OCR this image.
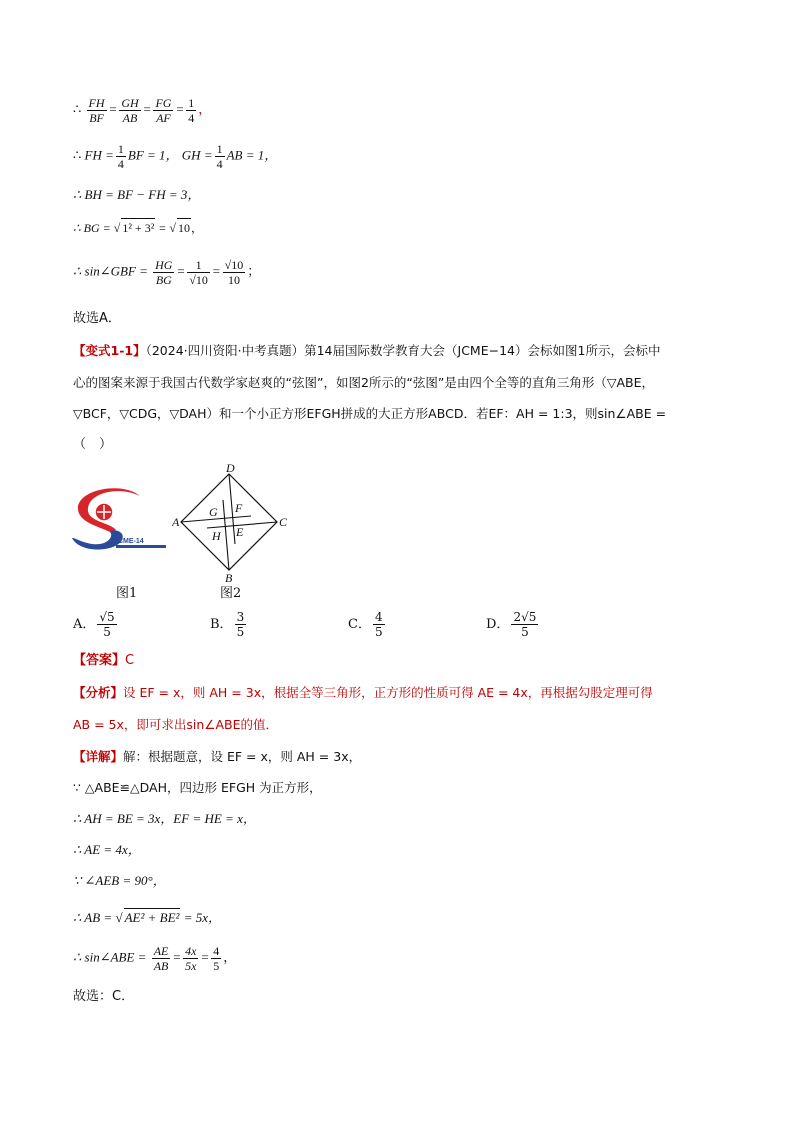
∴ $\frac{FH}{BF} = \frac{GH}{AB} = \frac{FG}{AF} = \frac{1}{4}$ ，
∴ FH = $\frac{1}{4}$ BF = 1， GH = $\frac{1}{4}$ AB = 1，
∴ BH = BF − FH = 3，
∴ BG = √ 1² + 3² = √ 10，
∴ sin∠GBF = $\frac{HG}{BG} = \frac{1}{√10} = \frac{√10}{10}$ ；
故选A．
【变式1-1】（2024·四川资阳·中考真题）第14届国际数学教育大会（JCME−14）会标如图1所示，会标中
心的图案来源于我国古代数学家赵爽的“弦图”，如图2所示的“弦图”是由四个全等的直角三角形（▽ABE，
▽BCF，▽CDG，▽DAH）和一个小正方形EFGH拼成的大正方形ABCD．若EF：AH = 1:3，则sin∠ABE =
（　）
ICME-14
D
A	C
B
G F
H E
图1	图2
A． $\frac{√5}{5}$	B． $\frac{3}{5}$	C． $\frac{4}{5}$	D． $\frac{2√5}{5}$
【答案】C
【分析】设 EF = x，则 AH = 3x，根据全等三角形，正方形的性质可得 AE = 4x，再根据勾股定理可得
AB = 5x，即可求出sin∠ABE的值．
【详解】解：根据题意，设 EF = x，则 AH = 3x，
∵ △ABE≌△DAH，四边形 EFGH 为正方形，
∴ AH = BE = 3x，EF = HE = x，
∴ AE = 4x，
∵ ∠AEB = 90°，
∴ AB = √ AE² + BE² = 5x，
∴ sin∠ABE = $\frac{AE}{AB} = \frac{4x}{5x} = \frac{4}{5}$ ，
故选：C．
